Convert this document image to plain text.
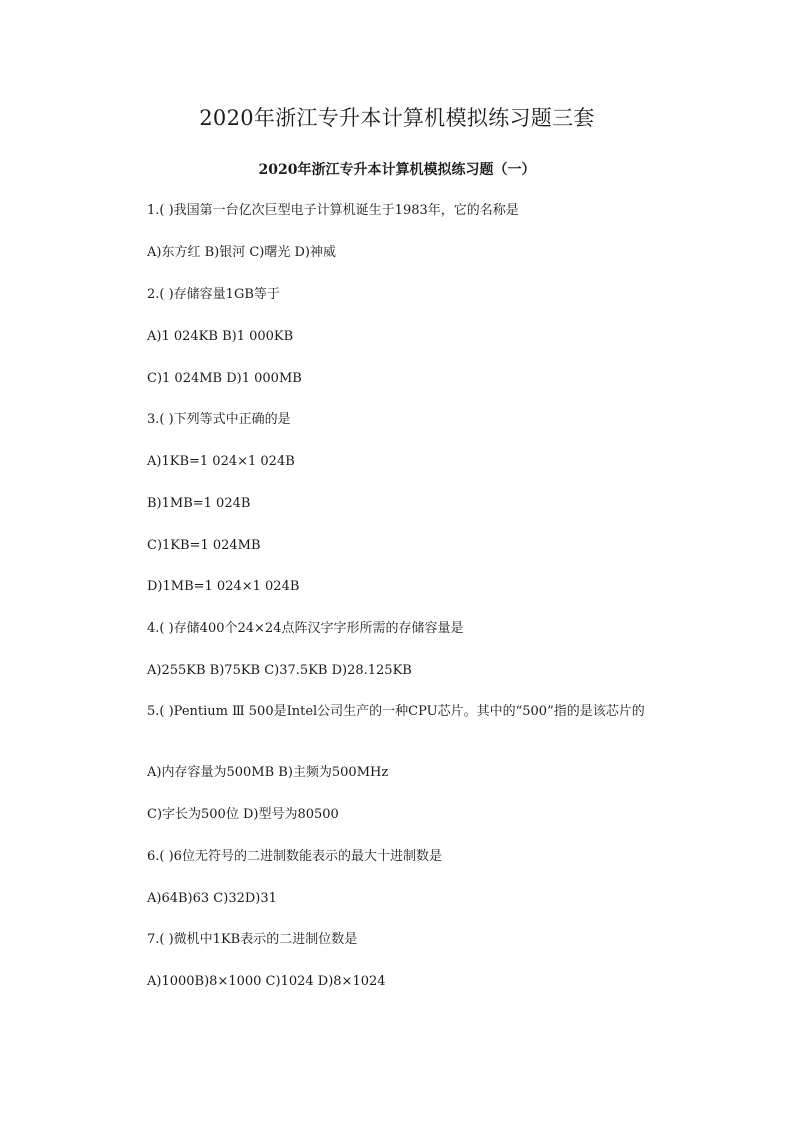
2020年浙江专升本计算机模拟练习题三套
2020年浙江专升本计算机模拟练习题（一）

1.( )我国第一台亿次巨型电子计算机诞生于1983年，它的名称是

A)东方红 B)银河 C)曙光 D)神威

2.( )存储容量1GB等于

A)1 024KB B)1 000KB

C)1 024MB D)1 000MB

3.( )下列等式中正确的是

A)1KB=1 024×1 024B

B)1MB=1 024B

C)1KB=1 024MB

D)1MB=1 024×1 024B

4.( )存储400个24×24点阵汉字字形所需的存储容量是

A)255KB B)75KB C)37.5KB D)28.125KB

5.( )Pentium Ⅲ 500是Intel公司生产的一种CPU芯片。其中的“500”指的是该芯片的

A)内存容量为500MB B)主频为500MHz

C)字长为500位 D)型号为80500

6.( )6位无符号的二进制数能表示的最大十进制数是

A)64B)63 C)32D)31

7.( )微机中1KB表示的二进制位数是

A)1000B)8×1000 C)1024 D)8×1024
